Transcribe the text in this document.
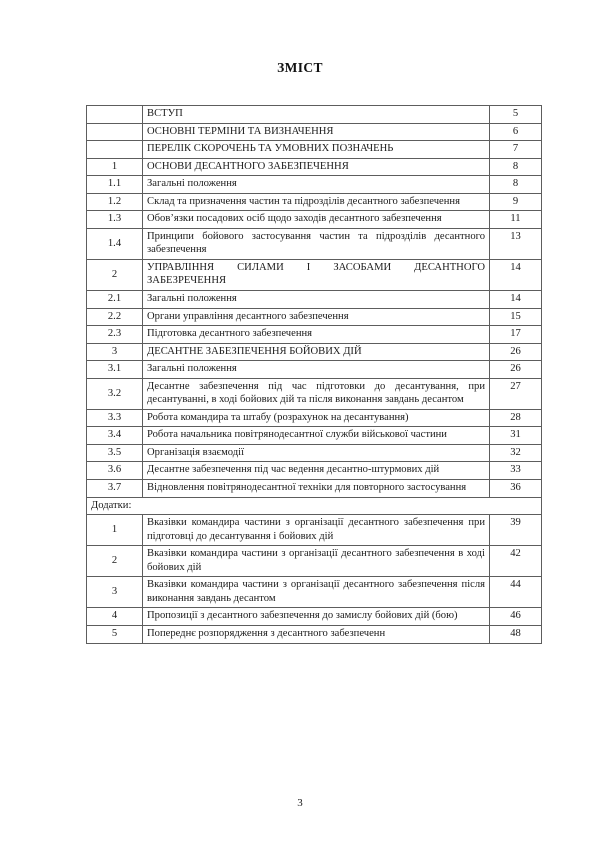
ЗМІСТ
	ВСТУП	5
	ОСНОВНІ ТЕРМІНИ ТА ВИЗНАЧЕННЯ	6
	ПЕРЕЛІК СКОРОЧЕНЬ ТА УМОВНИХ ПОЗНАЧЕНЬ	7
1	ОСНОВИ ДЕСАНТНОГО ЗАБЕЗПЕЧЕННЯ	8
1.1	Загальні положення	8
1.2	Склад та призначення частин та підрозділів десантного забезпечення	9
1.3	Обов’язки посадових осіб щодо заходів десантного забезпечення	11
1.4	Принципи бойового застосування частин та підрозділів десантного забезпечення	13
2	УПРАВЛІННЯ СИЛАМИ І ЗАСОБАМИ ДЕСАНТНОГО ЗАБЕЗРЕЧЕННЯ	14
2.1	Загальні положення	14
2.2	Органи управління десантного забезпечення	15
2.3	Підготовка десантного забезпечення	17
3	ДЕСАНТНЕ ЗАБЕЗПЕЧЕННЯ БОЙОВИХ ДІЙ	26
3.1	Загальні положення	26
3.2	Десантне забезпечення під час підготовки до десантування, при десантуванні, в ході бойових дій та після виконання завдань десантом	27
3.3	Робота командира та штабу (розрахунок на десантування)	28
3.4	Робота начальника повітрянодесантної служби військової частини	31
3.5	Організація взаємодії	32
3.6	Десантне забезпечення під час ведення десантно-штурмових дій	33
3.7	Відновлення повітрянодесантної техніки для повторного застосування	36
Додатки:		
1	Вказівки командира частини з організації десантного забезпечення при підготовці до десантування і бойових дій	39
2	Вказівки командира частини з організації десантного забезпечення в ході бойових дій	42
3	Вказівки командира частини з організації десантного забезпечення після виконання завдань десантом	44
4	Пропозиції з десантного забезпечення до замислу бойових дій (бою)	46
5	Попереднє розпорядження з десантного забезпеченн	48
3
